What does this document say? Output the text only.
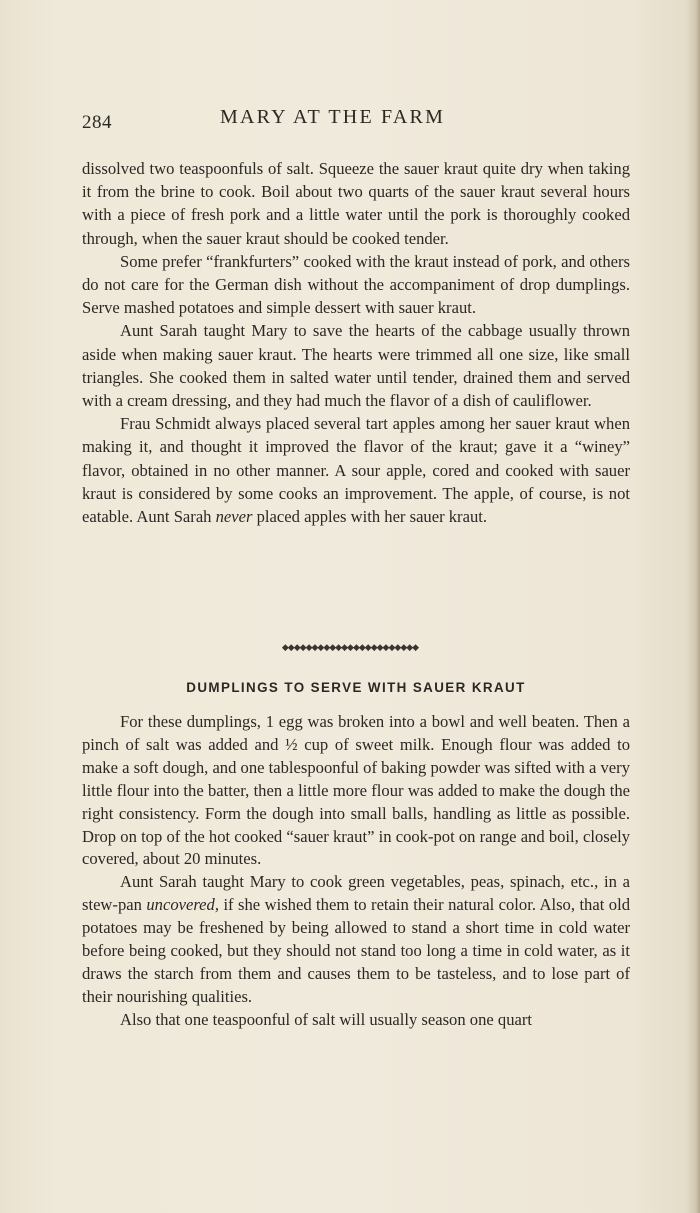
284	MARY AT THE FARM

dissolved two teaspoonfuls of salt. Squeeze the sauer kraut quite dry when taking it from the brine to cook. Boil about two quarts of the sauer kraut several hours with a piece of fresh pork and a little water until the pork is thoroughly cooked through, when the sauer kraut should be cooked tender.

Some prefer “frankfurters” cooked with the kraut instead of pork, and others do not care for the German dish without the accompaniment of drop dumplings. Serve mashed potatoes and simple dessert with sauer kraut.

Aunt Sarah taught Mary to save the hearts of the cabbage usually thrown aside when making sauer kraut. The hearts were trimmed all one size, like small triangles. She cooked them in salted water until tender, drained them and served with a cream dressing, and they had much the flavor of a dish of cauliflower.

Frau Schmidt always placed several tart apples among her sauer kraut when making it, and thought it improved the flavor of the kraut; gave it a “winey” flavor, obtained in no other manner. A sour apple, cored and cooked with sauer kraut is considered by some cooks an improvement. The apple, of course, is not eatable. Aunt Sarah never placed apples with her sauer kraut.

◆◆◆◆◆◆◆◆◆◆◆◆◆◆◆◆◆◆◆◆◆◆◆
DUMPLINGS TO SERVE WITH SAUER KRAUT

For these dumplings, 1 egg was broken into a bowl and well beaten. Then a pinch of salt was added and ½ cup of sweet milk. Enough flour was added to make a soft dough, and one tablespoonful of baking powder was sifted with a very little flour into the batter, then a little more flour was added to make the dough the right consistency. Form the dough into small balls, handling as little as possible. Drop on top of the hot cooked “sauer kraut” in cook-pot on range and boil, closely covered, about 20 minutes.

Aunt Sarah taught Mary to cook green vegetables, peas, spinach, etc., in a stew-pan uncovered, if she wished them to retain their natural color. Also, that old potatoes may be freshened by being allowed to stand a short time in cold water before being cooked, but they should not stand too long a time in cold water, as it draws the starch from them and causes them to be tasteless, and to lose part of their nourishing qualities.

Also that one teaspoonful of salt will usually season one quart
